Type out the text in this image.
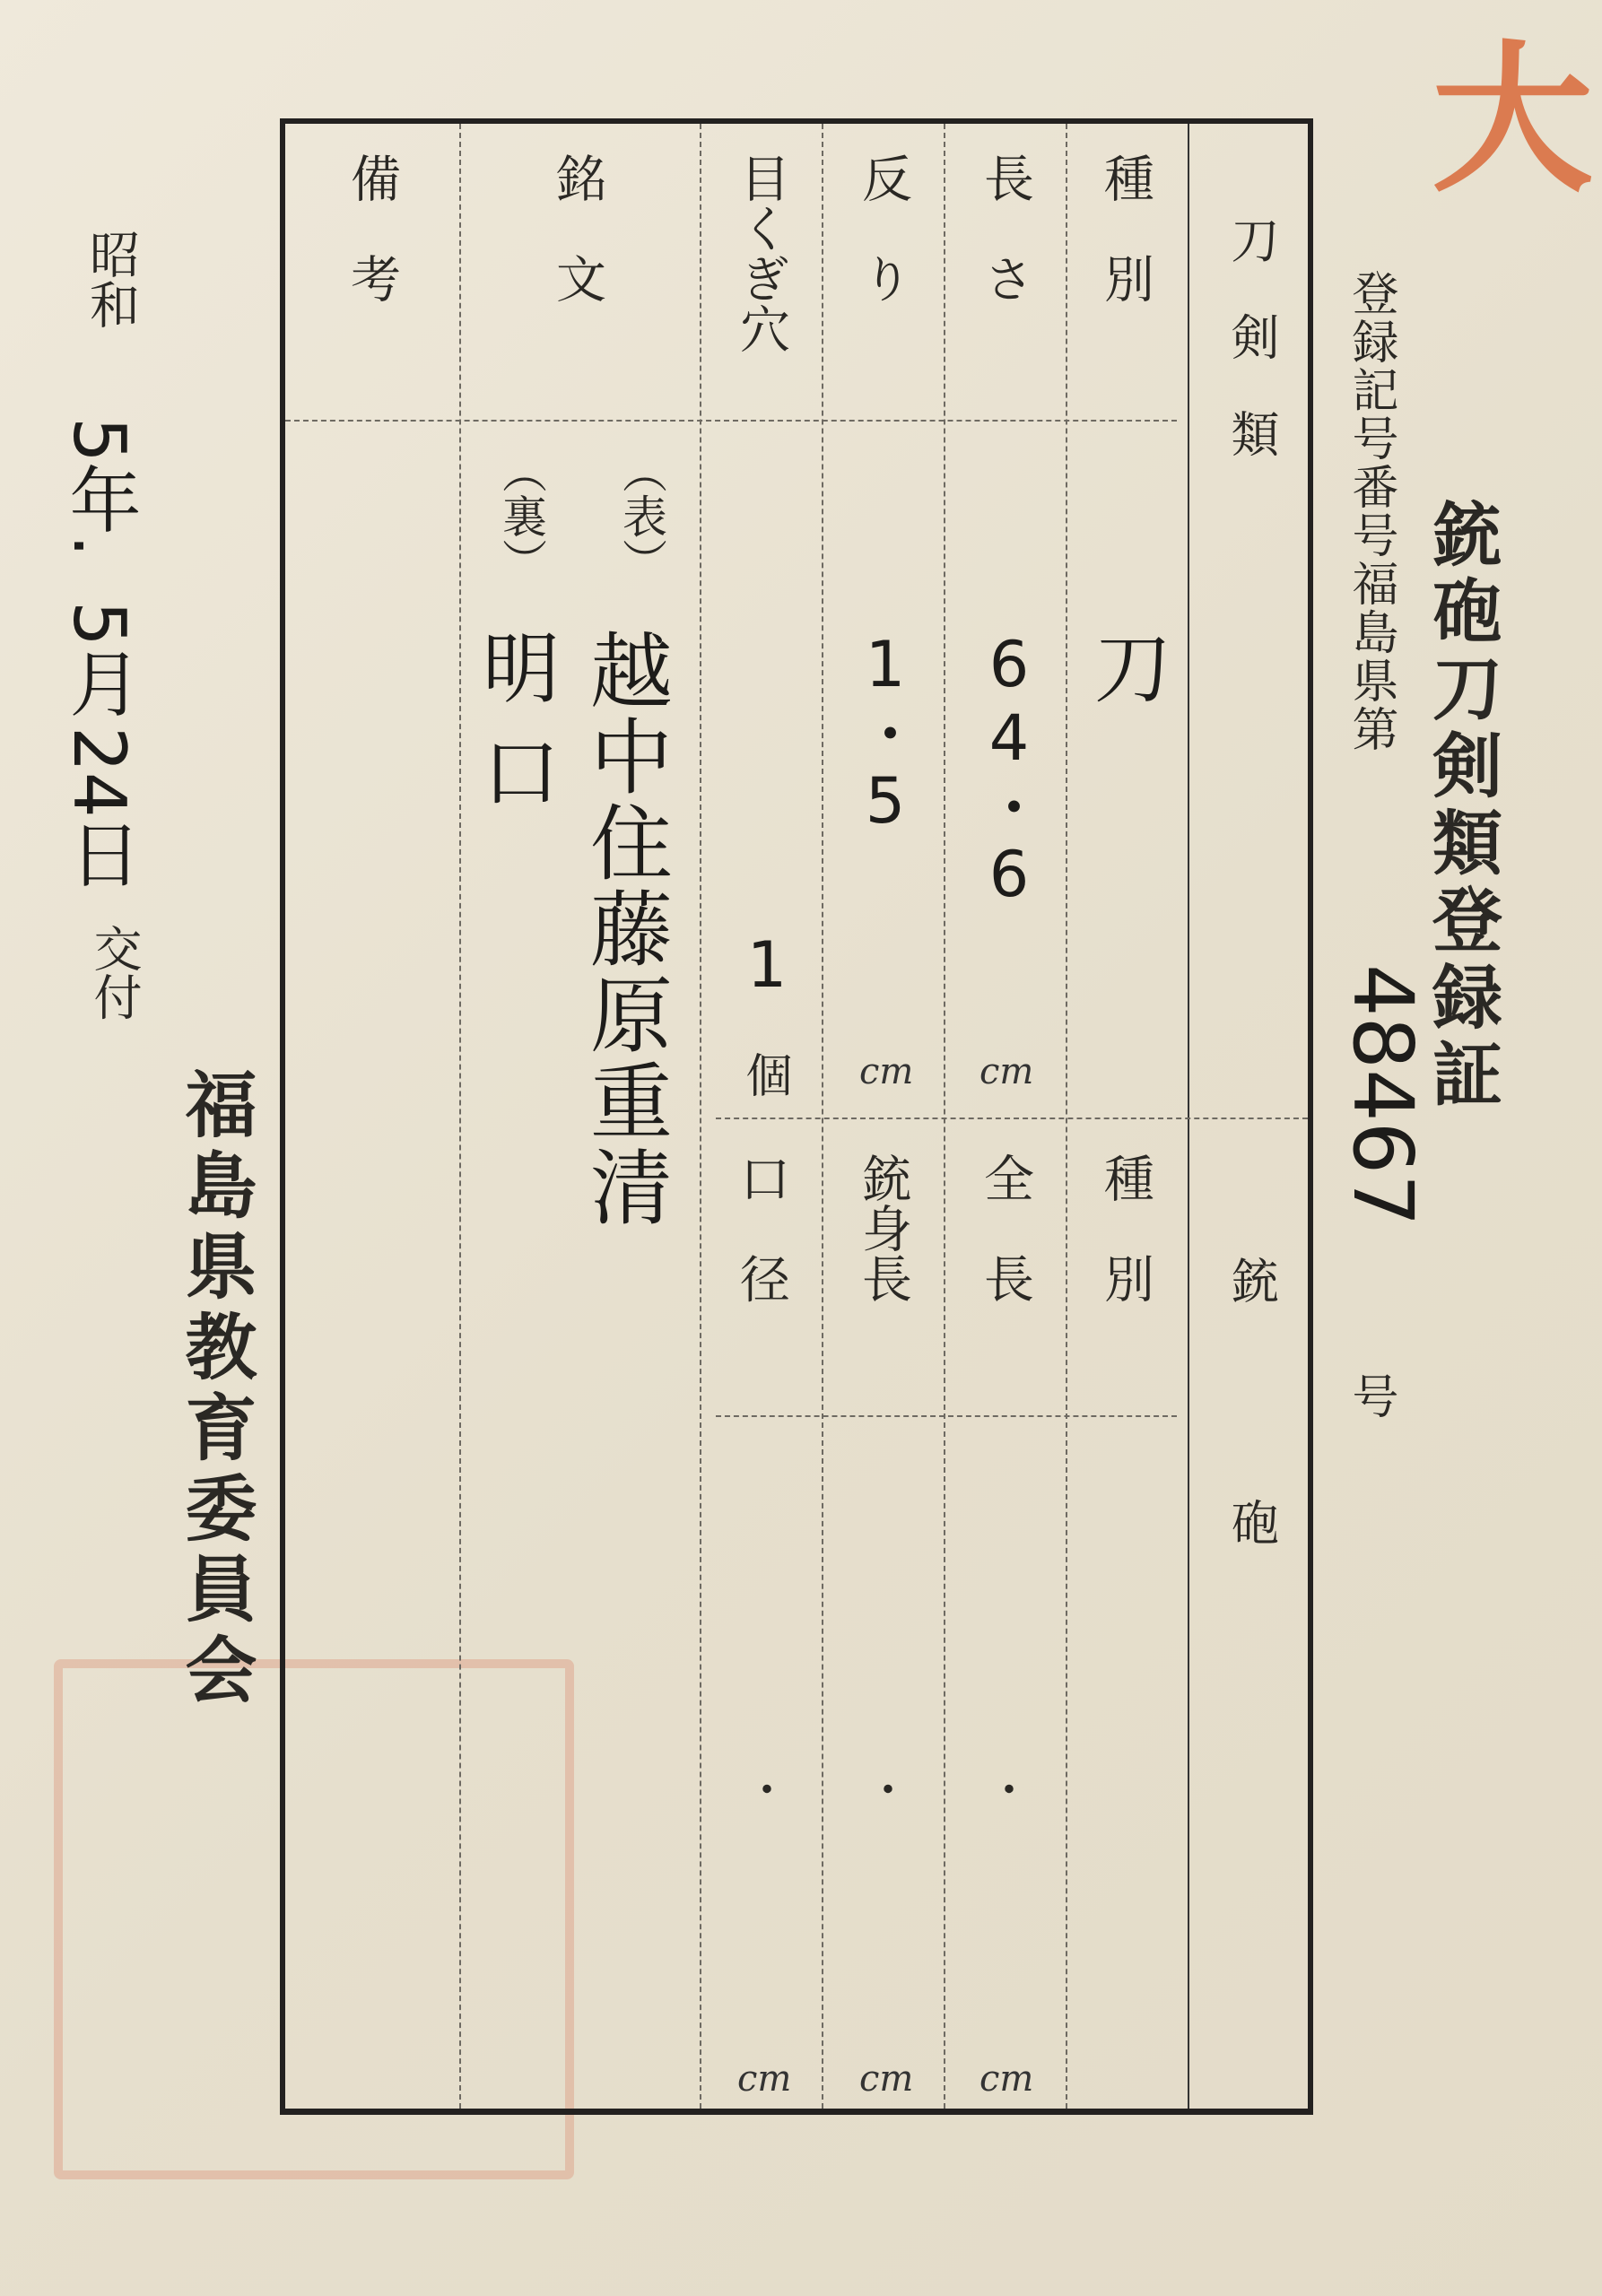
大
銃砲刀剣類登録証
登録記号番号福島県第
48467
号
刀　剣　類
銃　　　　砲
種　別
長　さ
反　り
目くぎ穴
銘　文
備　考
刀
64・6
cm
1・5
cm
1
個
（表）
（裏）
越中住藤原重清
明口
種　別
全　長
銃身長
口　径
・
・
・
cm
cm
cm
昭和
5年.
5月
24日
交付
福島県教育委員会
